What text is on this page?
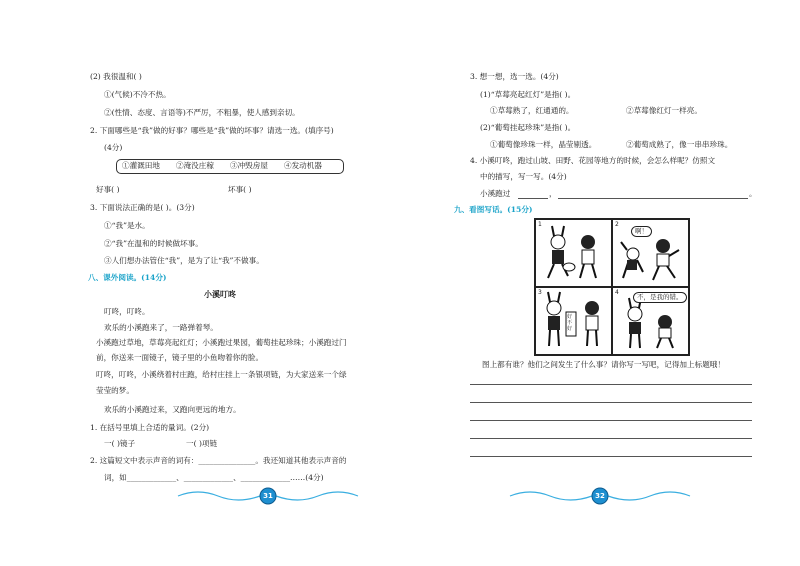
(2) 我很温和( )
①(气候)不冷不热。
②(性情、态度、言语等)不严厉，不粗暴，使人感到亲切。
2. 下面哪些是“我”做的好事？哪些是“我”做的坏事？请选一选。(填序号)
(4分)
①灌溉田地 ②淹没庄稼 ③冲毁房屋 ④发动机器
好事( )	坏事( )
3. 下面说法正确的是( )。(3分)
①“我”是水。
②“我”在温和的时候做坏事。
③人们想办法管住“我”，是为了让“我”不做事。
八、课外阅读。(14分)
小溪叮咚
叮咚，叮咚。
欢乐的小溪跑来了，一路弹着琴。
小溪跑过草地，草莓亮起红灯；小溪跑过果园，葡萄挂起珍珠；小溪跑过门
前，你送来一面镜子，镜子里的小鱼吻着你的脸。
叮咚，叮咚，小溪绕着村庄跑，给村庄挂上一条银项链，为大家送来一个绿
莹莹的梦。
欢乐的小溪跑过来，又跑向更远的地方。
1. 在括号里填上合适的量词。(2分)
一( )镜子	一( )项链
2. 这篇短文中表示声音的词有：_______________。我还知道其他表示声音的
词，如_____________、_____________、_____________……(4分)
31
3. 想一想，选一选。(4分)
(1)“草莓亮起红灯”是指( )。
①草莓熟了，红通通的。	②草莓像红灯一样亮。
(2)“葡萄挂起珍珠”是指( )。
①葡萄像珍珠一样，晶莹剔透。	②葡萄成熟了，像一串串珍珠。
4. 小溪叮咚，跑过山坡、田野、花园等地方的时候，会怎么样呢？仿照文
中的描写，写一写。(4分)
小溪跑过	，	。
九、看图写话。(15分)
1	2
啊！
3
好不好
4
不，是我的错。
图上都有谁？他们之间发生了什么事？请你写一写吧，记得加上标题哦！
32
